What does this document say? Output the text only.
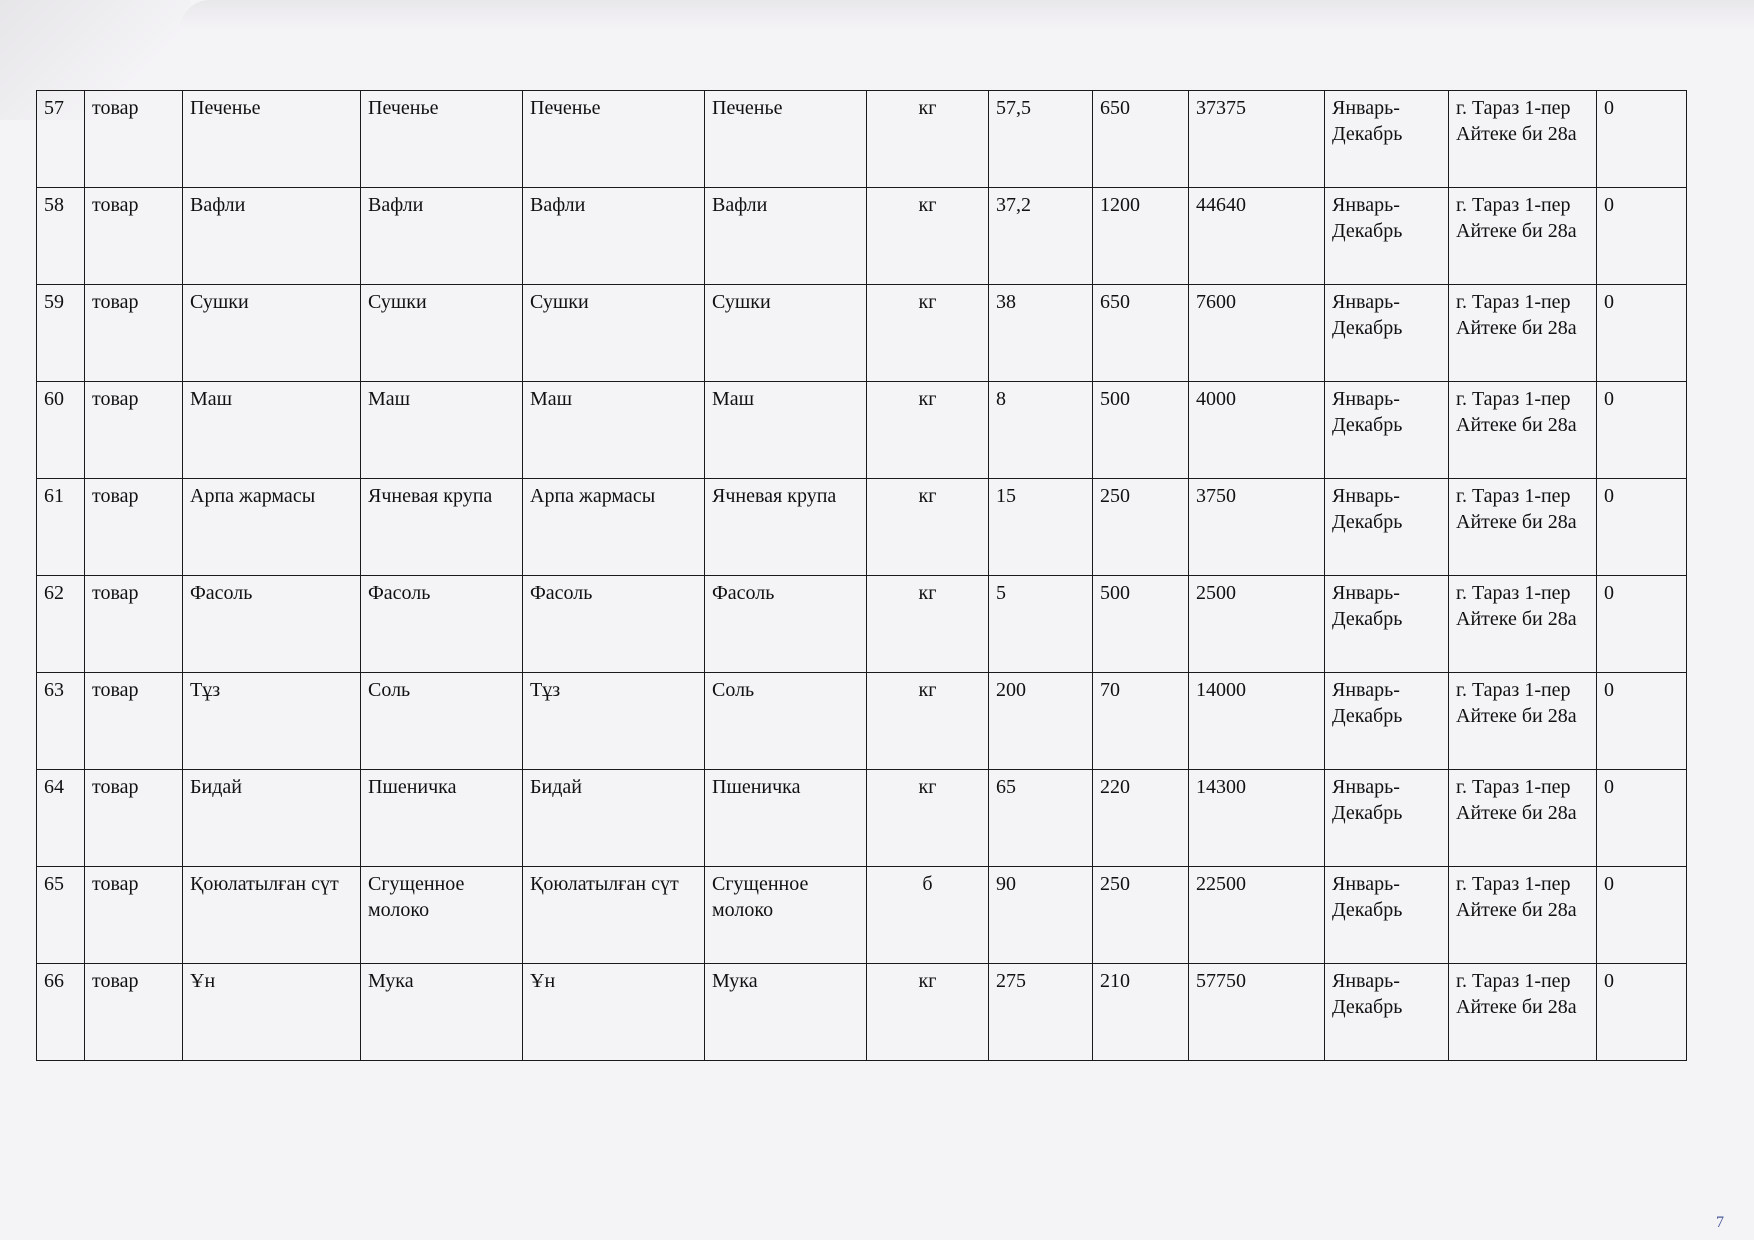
57	товар	Печенье	Печенье	Печенье	Печенье	кг	57,5	650	37375	Январь-Декабрь	г. Тараз 1-пер Айтеке би 28а	0
58	товар	Вафли	Вафли	Вафли	Вафли	кг	37,2	1200	44640	Январь-Декабрь	г. Тараз 1-пер Айтеке би 28а	0
59	товар	Сушки	Сушки	Сушки	Сушки	кг	38	650	7600	Январь-Декабрь	г. Тараз 1-пер Айтеке би 28а	0
60	товар	Маш	Маш	Маш	Маш	кг	8	500	4000	Январь-Декабрь	г. Тараз 1-пер Айтеке би 28а	0
61	товар	Арпа жармасы	Ячневая крупа	Арпа жармасы	Ячневая крупа	кг	15	250	3750	Январь-Декабрь	г. Тараз 1-пер Айтеке би 28а	0
62	товар	Фасоль	Фасоль	Фасоль	Фасоль	кг	5	500	2500	Январь-Декабрь	г. Тараз 1-пер Айтеке би 28а	0
63	товар	Тұз	Соль	Тұз	Соль	кг	200	70	14000	Январь-Декабрь	г. Тараз 1-пер Айтеке би 28а	0
64	товар	Бидай	Пшеничка	Бидай	Пшеничка	кг	65	220	14300	Январь-Декабрь	г. Тараз 1-пер Айтеке би 28а	0
65	товар	Қоюлатылған сүт	Сгущенное молоко	Қоюлатылған сүт	Сгущенное молоко	б	90	250	22500	Январь-Декабрь	г. Тараз 1-пер Айтеке би 28а	0
66	товар	Ұн	Мука	Ұн	Мука	кг	275	210	57750	Январь-Декабрь	г. Тараз 1-пер Айтеке би 28а	0
7
